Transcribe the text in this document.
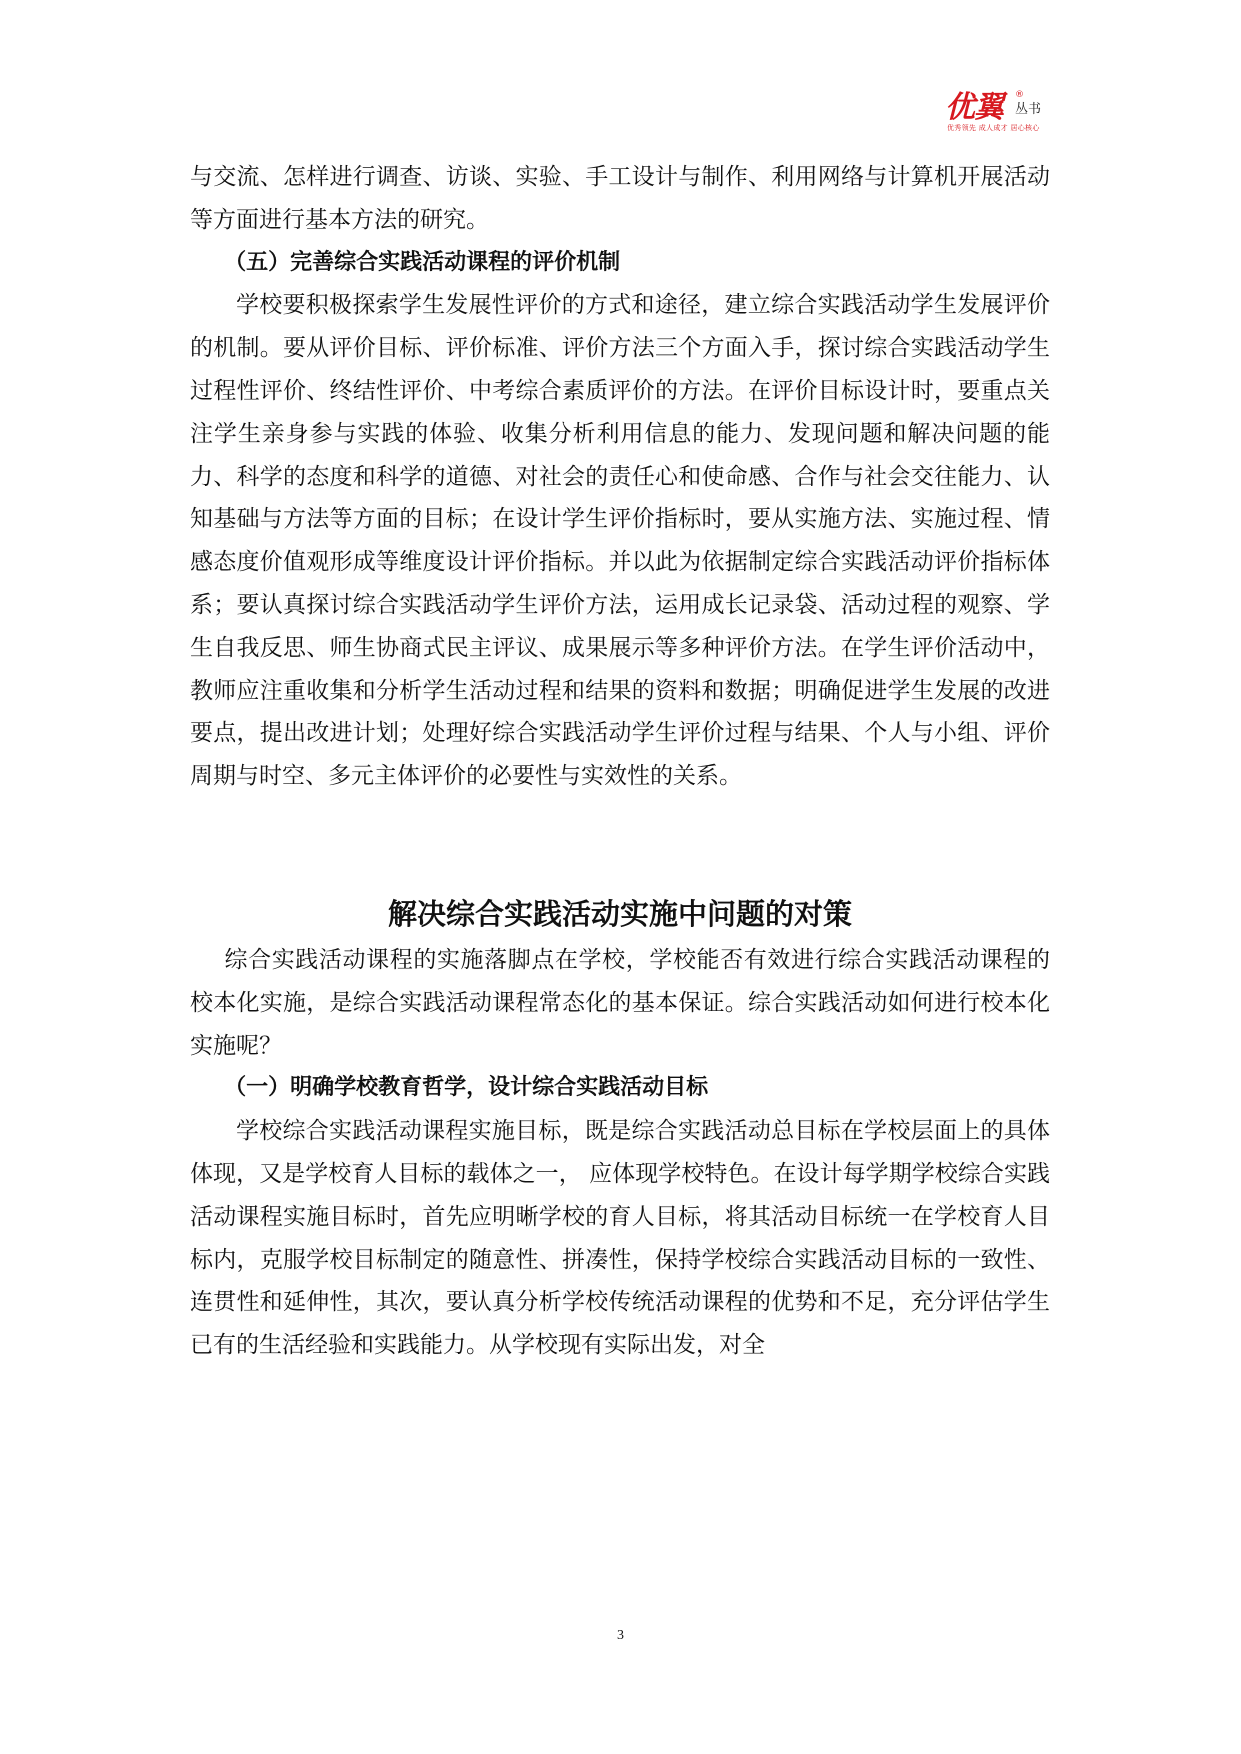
优翼 ®
丛书
优秀领先 成人成才 居心核心

与交流、怎样进行调查、访谈、实验、手工设计与制作、利用网络与计算机开展活动等方面进行基本方法的研究。

（五）完善综合实践活动课程的评价机制

学校要积极探索学生发展性评价的方式和途径，建立综合实践活动学生发展评价的机制。要从评价目标、评价标准、评价方法三个方面入手，探讨综合实践活动学生过程性评价、终结性评价、中考综合素质评价的方法。在评价目标设计时，要重点关注学生亲身参与实践的体验、收集分析利用信息的能力、发现问题和解决问题的能力、科学的态度和科学的道德、对社会的责任心和使命感、合作与社会交往能力、认知基础与方法等方面的目标；在设计学生评价指标时，要从实施方法、实施过程、情感态度价值观形成等维度设计评价指标。并以此为依据制定综合实践活动评价指标体系；要认真探讨综合实践活动学生评价方法，运用成长记录袋、活动过程的观察、学生自我反思、师生协商式民主评议、成果展示等多种评价方法。在学生评价活动中，教师应注重收集和分析学生活动过程和结果的资料和数据；明确促进学生发展的改进要点，提出改进计划；处理好综合实践活动学生评价过程与结果、个人与小组、评价周期与时空、多元主体评价的必要性与实效性的关系。

解决综合实践活动实施中问题的对策

综合实践活动课程的实施落脚点在学校，学校能否有效进行综合实践活动课程的校本化实施，是综合实践活动课程常态化的基本保证。综合实践活动如何进行校本化实施呢？

（一）明确学校教育哲学，设计综合实践活动目标

学校综合实践活动课程实施目标，既是综合实践活动总目标在学校层面上的具体体现，又是学校育人目标的载体之一， 应体现学校特色。在设计每学期学校综合实践活动课程实施目标时，首先应明晰学校的育人目标，将其活动目标统一在学校育人目标内，克服学校目标制定的随意性、拼凑性，保持学校综合实践活动目标的一致性、连贯性和延伸性，其次，要认真分析学校传统活动课程的优势和不足，充分评估学生已有的生活经验和实践能力。从学校现有实际出发，对全

3
